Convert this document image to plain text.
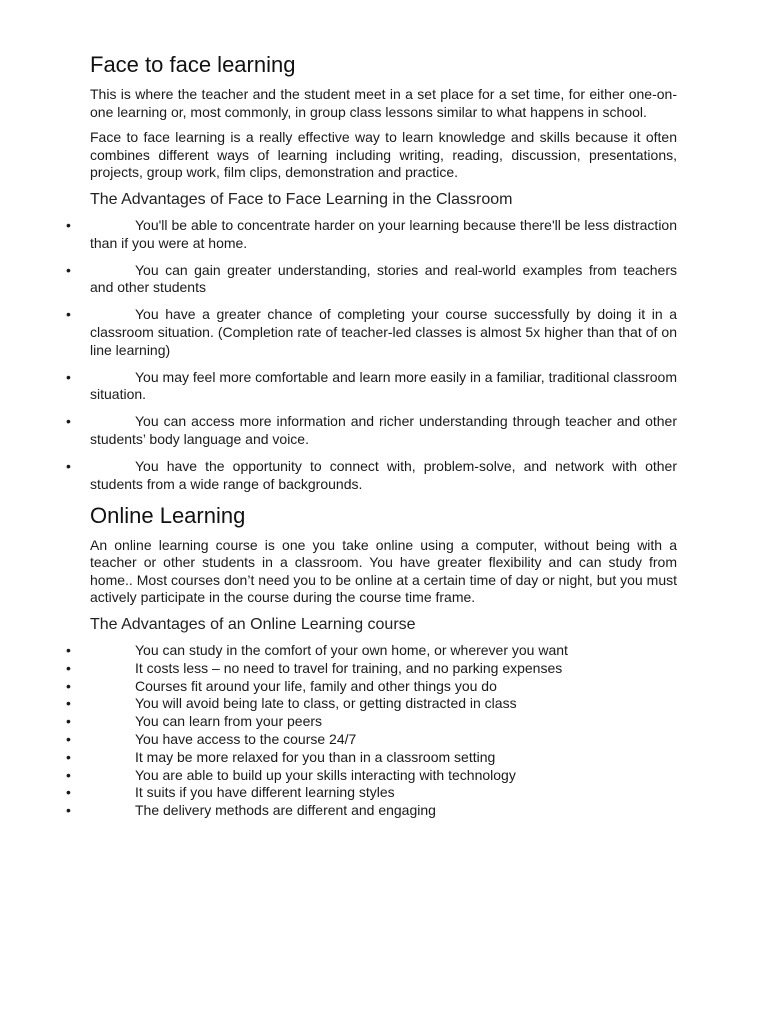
Face to face learning

This is where the teacher and the student meet in a set place for a set time, for either one-on-one learning or, most commonly, in group class lessons similar to what happens in school.

Face to face learning is a really effective way to learn knowledge and skills because it often combines different ways of learning including writing, reading, discussion, presentations, projects, group work, film clips, demonstration and practice.

The Advantages of Face to Face Learning in the Classroom
•	You'll be able to concentrate harder on your learning because there'll be less distraction than if you were at home.
•	You can gain greater understanding, stories and real-world examples from teachers and other students
•	You have a greater chance of completing your course successfully by doing it in a classroom situation. (Completion rate of teacher-led classes is almost 5x higher than that of on line learning)
•	You may feel more comfortable and learn more easily in a familiar, traditional classroom situation.
•	You can access more information and richer understanding through teacher and other students’ body language and voice.
•	You have the opportunity to connect with, problem-solve, and network with other students from a wide range of backgrounds.
Online Learning

An online learning course is one you take online using a computer, without being with a teacher or other students in a classroom. You have greater flexibility and can study from home.. Most courses don’t need you to be online at a certain time of day or night, but you must actively participate in the course during the course time frame.

The Advantages of an Online Learning course
•	You can study in the comfort of your own home, or wherever you want
•	It costs less – no need to travel for training, and no parking expenses
•	Courses fit around your life, family and other things you do
•	You will avoid being late to class, or getting distracted in class
•	You can learn from your peers
•	You have access to the course 24/7
•	It may be more relaxed for you than in a classroom setting
•	You are able to build up your skills interacting with technology
•	It suits if you have different learning styles
•	The delivery methods are different and engaging
